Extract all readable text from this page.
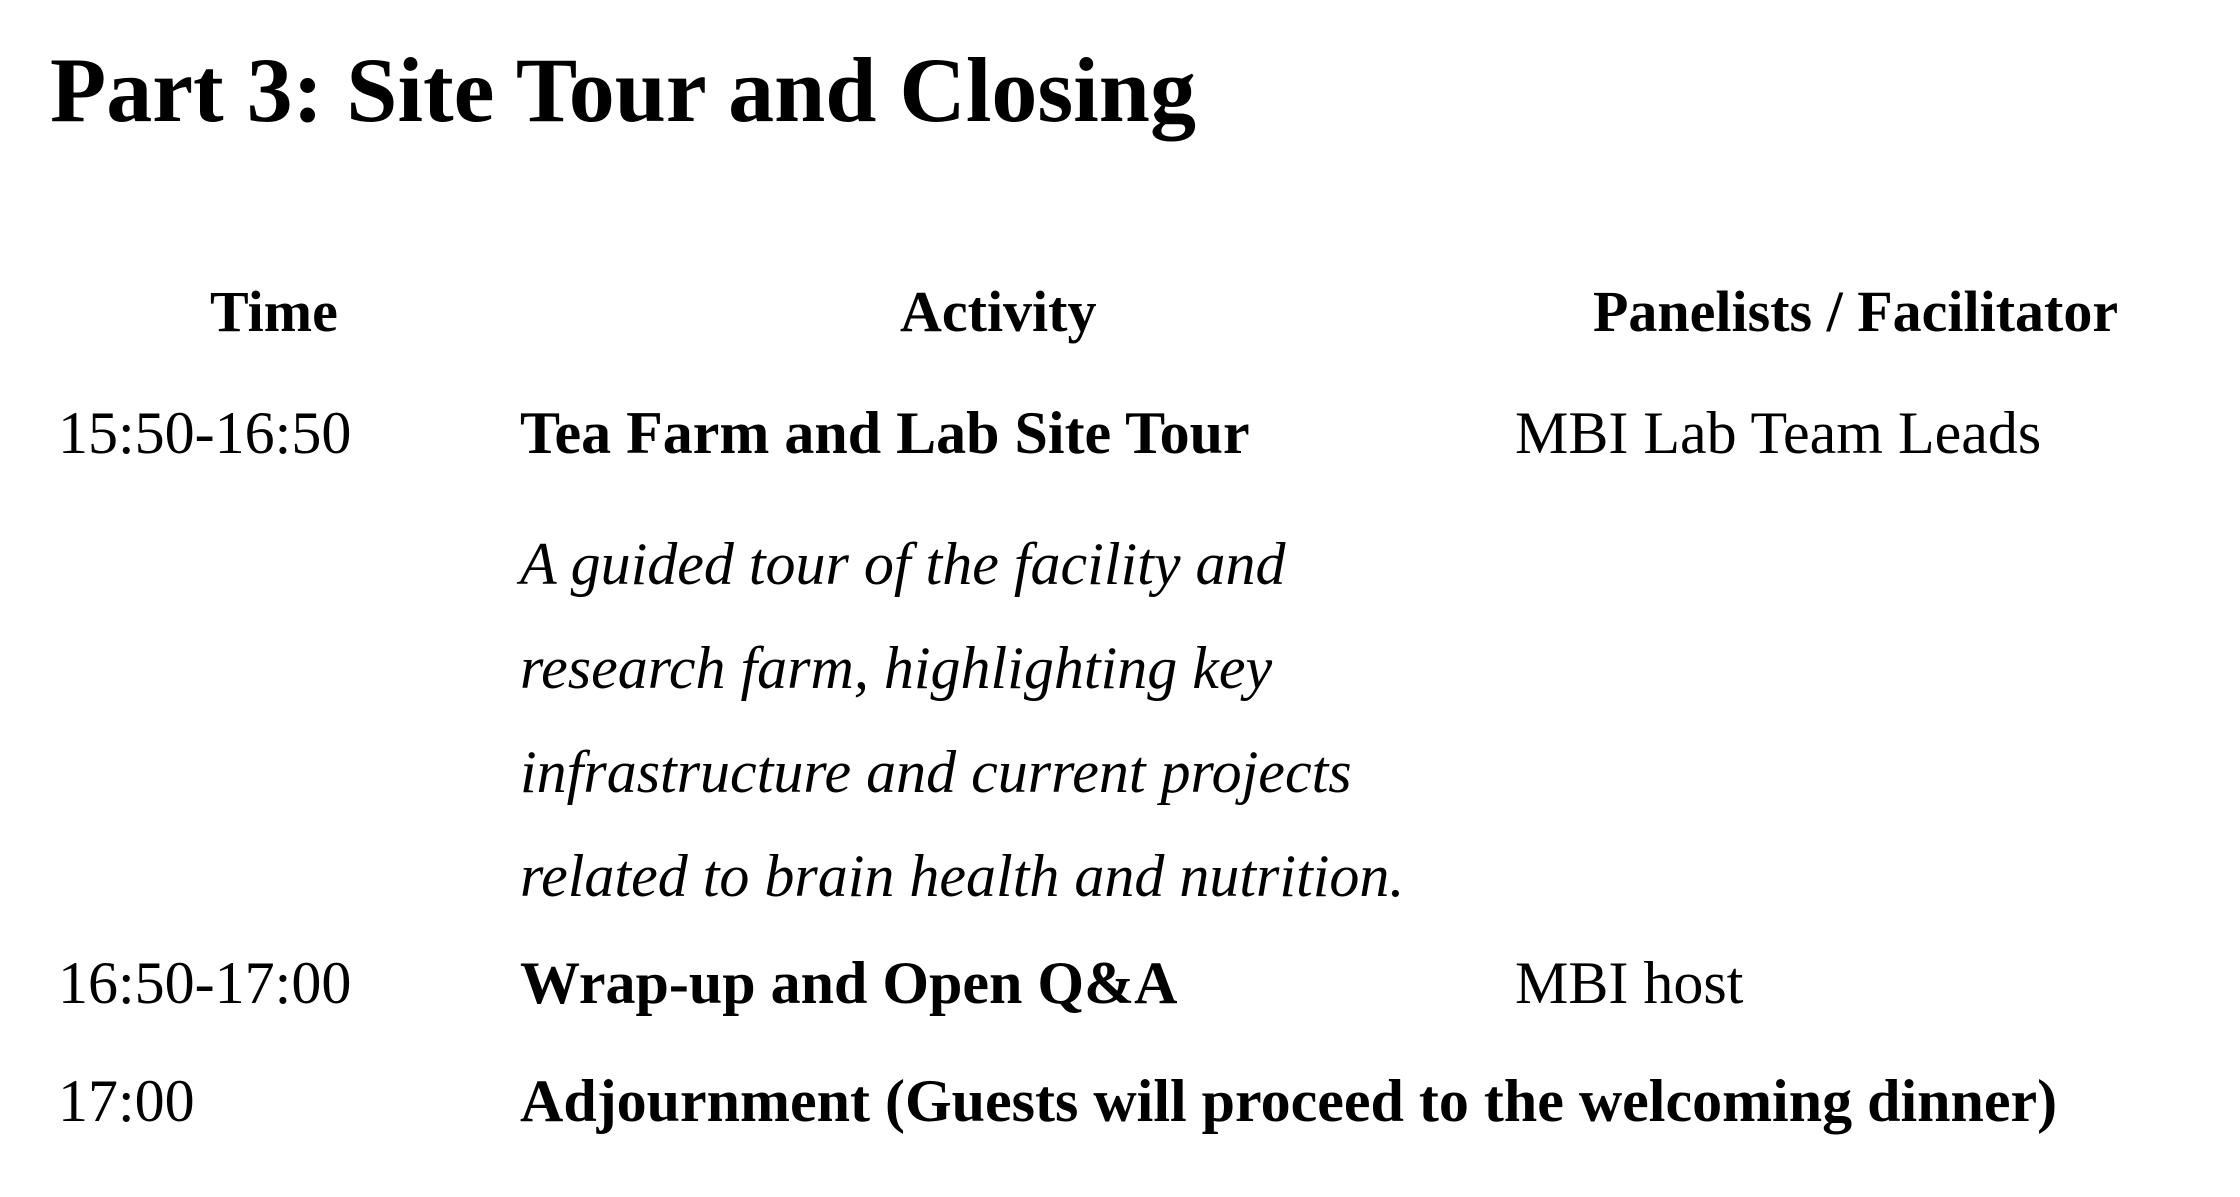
Part 3: Site Tour and Closing
Time	Activity	Panelists / Facilitator
15:50-16:50	Tea Farm and Lab Site Tour	MBI Lab Team Leads
A guided tour of the facility and
research farm, highlighting key
infrastructure and current projects
related to brain health and nutrition.
16:50-17:00	Wrap-up and Open Q&A	MBI host
17:00	Adjournment (Guests will proceed to the welcoming dinner)
